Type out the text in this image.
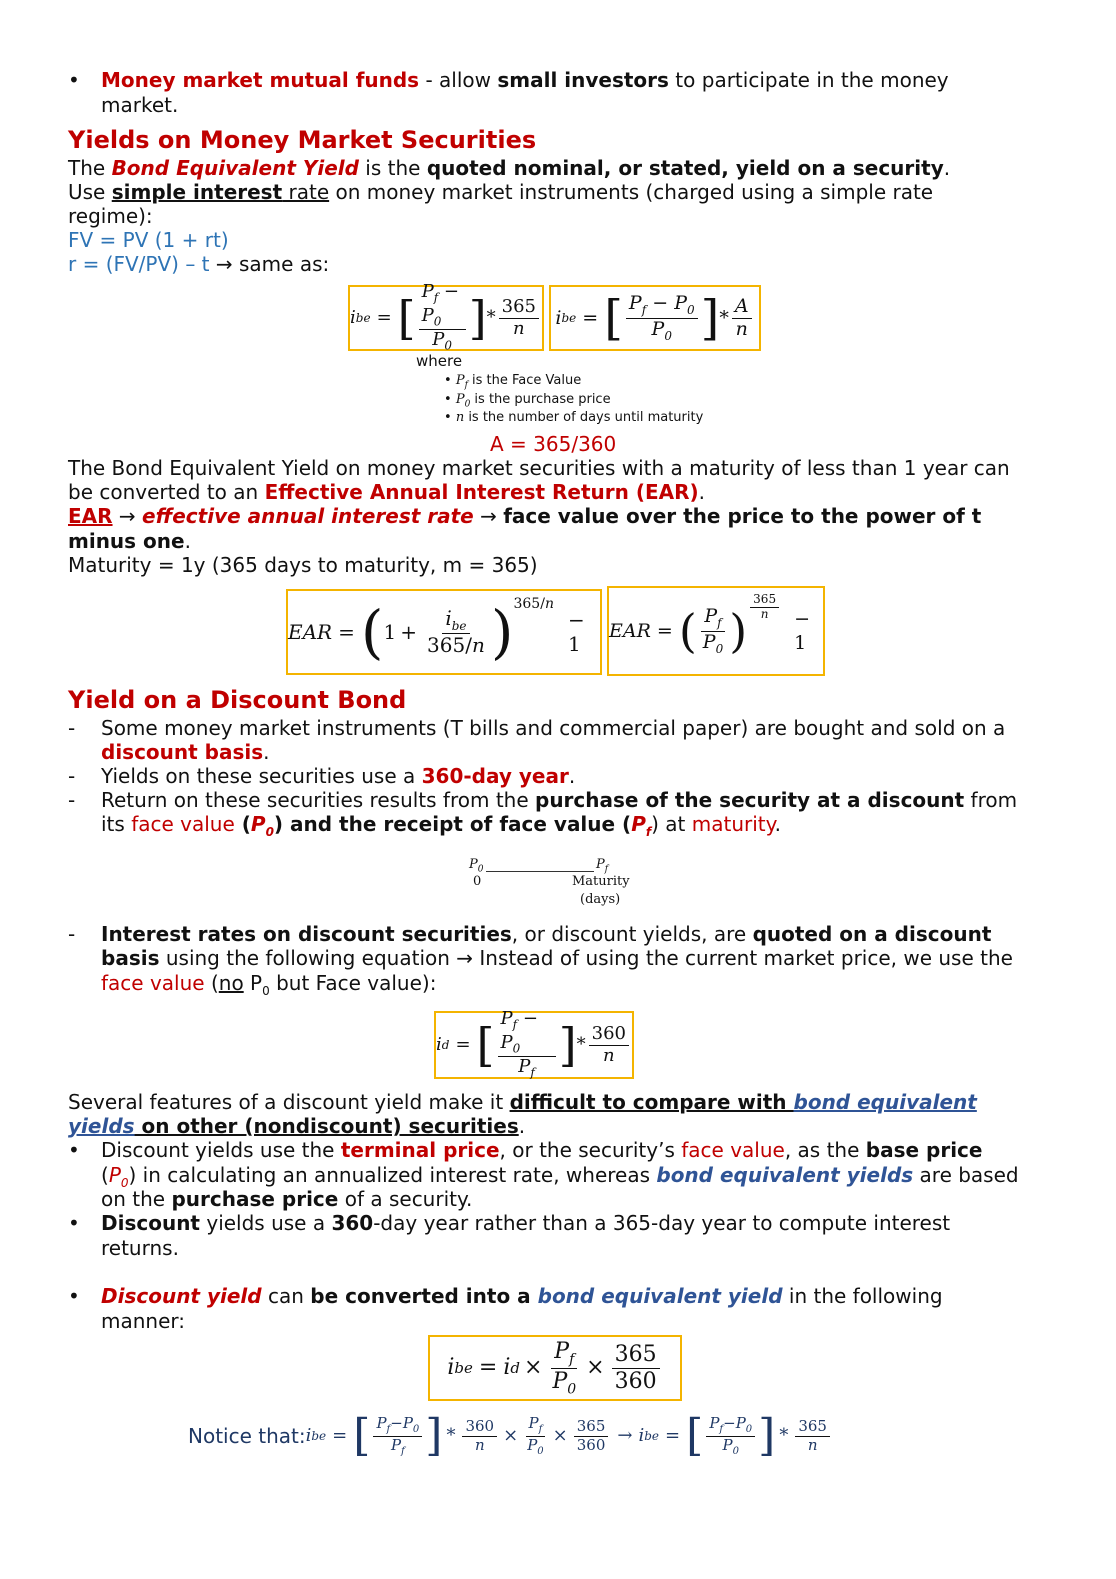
• Money market mutual funds - allow small investors to participate in the money
market.
Yields on Money Market Securities
The Bond Equivalent Yield is the quoted nominal, or stated, yield on a security.
Use simple interest rate on money market instruments (charged using a simple rate
regime):
FV = PV (1 + rt)
r = (FV/PV) – t → same as:
i be = [ $\frac{P_f - P_0}{P_0}$ ] * $\frac{365}{n}$ i be = [ $\frac{P_f - P_0}{P_0}$ ] * $\frac{A}{n}$
where
• $P_f$ is the Face Value
• $P_0$ is the purchase price
• n is the number of days until maturity
A = 365/360
The Bond Equivalent Yield on money market securities with a maturity of less than 1 year can
be converted to an Effective Annual Interest Return (EAR).
EAR → effective annual interest rate → face value over the price to the power of t
minus one.
Maturity = 1y (365 days to maturity, m = 365)
EAR = ( $1 + \frac{i_{be}}{365/n}$ ) 365/n
− 1
EAR = ( $\frac{P_f}{P_0}$ ) $\frac{365}{n} - 1$
Yield on a Discount Bond
- Some money market instruments (T bills and commercial paper) are bought and sold on a
discount basis.
- Yields on these securities use a 360-day year.
- Return on these securities results from the purchase of the security at a discount from
its face value $(P_0)$ and the receipt of face value $(P_f)$ at maturity.
$P_0$
0
$P_f$
Maturity
(days)
- Interest rates on discount securities, or discount yields, are quoted on a discount
basis using the following equation → Instead of using the current market price, we use the
face value (no $P_0$ but Face value):
i d = [ $\frac{P_f - P_0}{P_f}$ ] * $\frac{360}{n}$
Several features of a discount yield make it difficult to compare with bond equivalent
yields on other (nondiscount) securities.
• Discount yields use the terminal price, or the security’s face value, as the base price
$(P_0)$ in calculating an annualized interest rate, whereas bond equivalent yields are based
on the purchase price of a security.
• Discount yields use a 360-day year rather than a 365-day year to compute interest
returns.
• Discount yield can be converted into a bond equivalent yield in the following
manner:
i be = i $d \times \frac{P_f}{P_0} \times \frac{365}{360}$
Notice that: i be = [ $\frac{P_f-P_0}{P_f}$ ] * $\frac{360}{n} \times \frac{P_f}{P_0} \times \frac{365}{360} \to i$ be = [ $\frac{P_f-P_0}{P_0}$ ] * $\frac{365}{n}$
